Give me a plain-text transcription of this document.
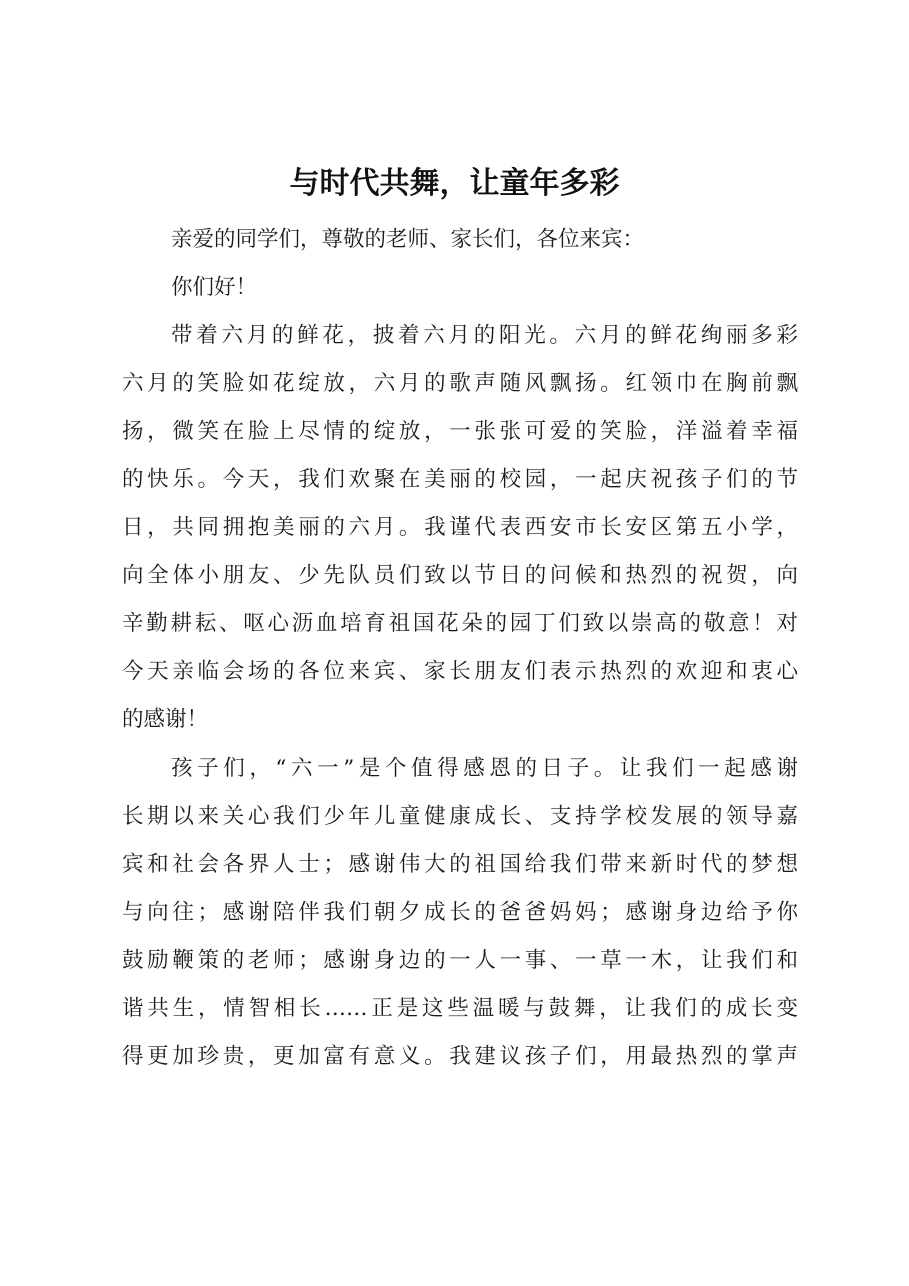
与时代共舞，让童年多彩

亲爱的同学们，尊敬的老师、家长们，各位来宾：

你们好！

带着六月的鲜花，披着六月的阳光。六月的鲜花绚丽多彩

六月的笑脸如花绽放，六月的歌声随风飘扬。红领巾在胸前飘

扬，微笑在脸上尽情的绽放，一张张可爱的笑脸，洋溢着幸福

的快乐。今天，我们欢聚在美丽的校园，一起庆祝孩子们的节

日，共同拥抱美丽的六月。我谨代表西安市长安区第五小学，

向全体小朋友、少先队员们致以节日的问候和热烈的祝贺，向

辛勤耕耘、呕心沥血培育祖国花朵的园丁们致以崇高的敬意！对

今天亲临会场的各位来宾、家长朋友们表示热烈的欢迎和衷心

的感谢！

孩子们，“六一”是个值得感恩的日子。让我们一起感谢

长期以来关心我们少年儿童健康成长、支持学校发展的领导嘉

宾和社会各界人士；感谢伟大的祖国给我们带来新时代的梦想

与向往；感谢陪伴我们朝夕成长的爸爸妈妈；感谢身边给予你

鼓励鞭策的老师；感谢身边的一人一事、一草一木，让我们和

谐共生，情智相长……正是这些温暖与鼓舞，让我们的成长变

得更加珍贵，更加富有意义。我建议孩子们，用最热烈的掌声
